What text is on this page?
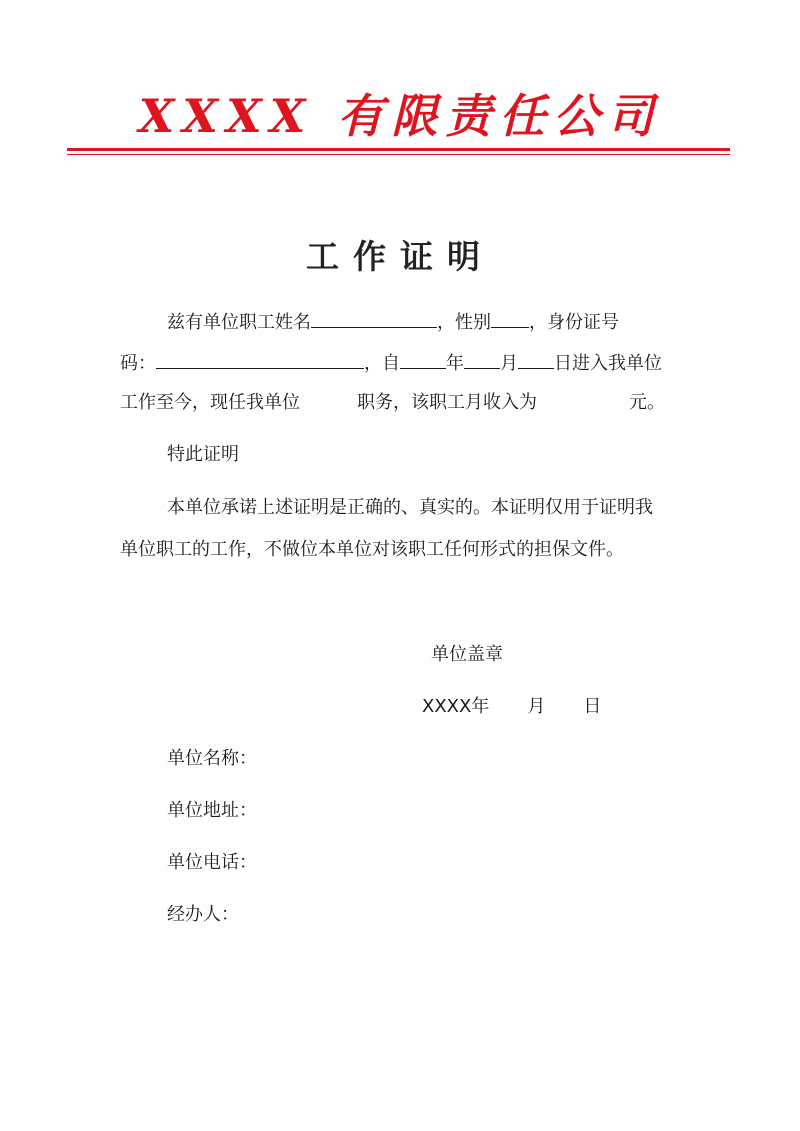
XXXX 有限责任公司
工作证明
兹有单位职工姓名	，性别 ，身份证号
码：	，自	年 月 日进入我单位
工作至今，现任我单位	职务，该职工月收入为	元。
特此证明
本单位承诺上述证明是正确的、真实的。本证明仅用于证明我
单位职工的工作，不做位本单位对该职工任何形式的担保文件。
单位盖章
XXXX年 月 日
单位名称：
单位地址：
单位电话：
经办人：
